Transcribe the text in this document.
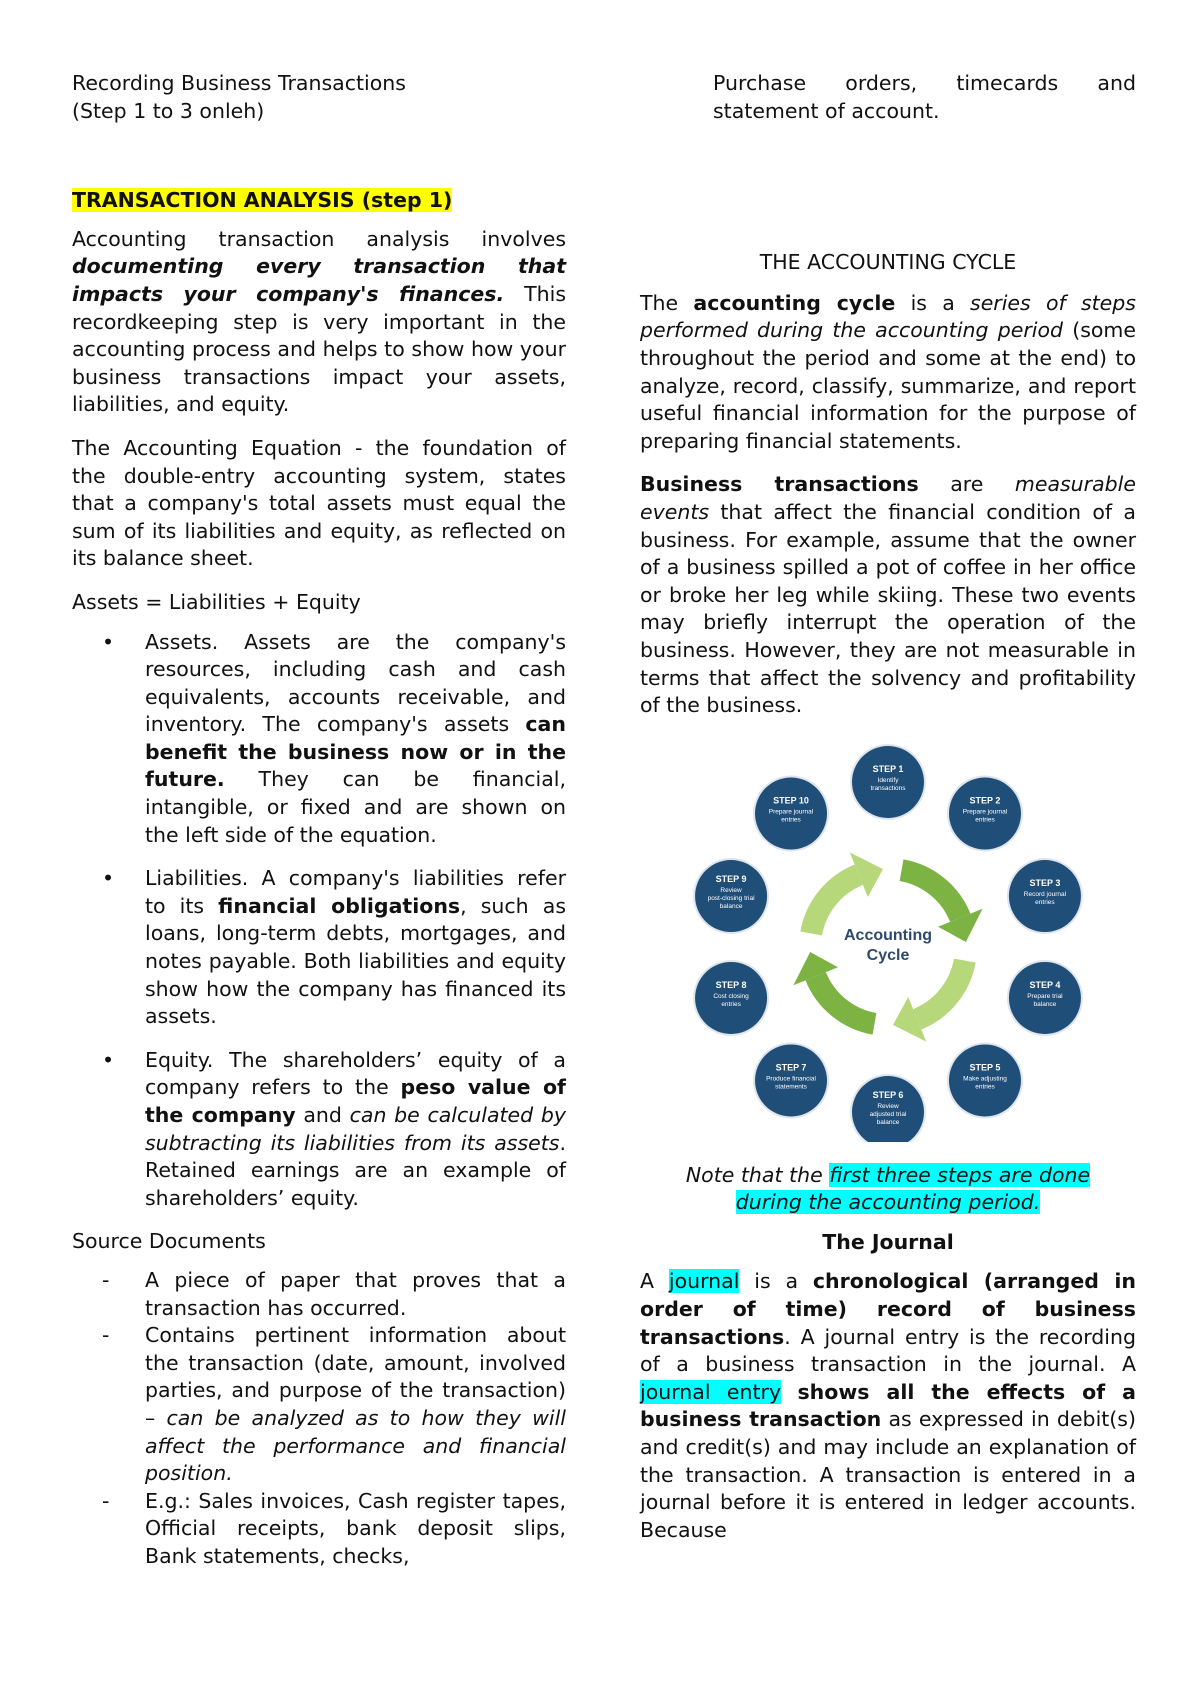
Recording Business Transactions (Step 1 to 3 onleh)

TRANSACTION ANALYSIS (step 1)

Accounting transaction analysis involves documenting every transaction that impacts your company's finances. This recordkeeping step is very important in the accounting process and helps to show how your business transactions impact your assets, liabilities, and equity.

The Accounting Equation - the foundation of the double-entry accounting system, states that a company's total assets must equal the sum of its liabilities and equity, as reflected on its balance sheet.

Assets = Liabilities + Equity

• Assets. Assets are the company's resources, including cash and cash equivalents, accounts receivable, and inventory. The company's assets can benefit the business now or in the future. They can be financial, intangible, or fixed and are shown on the left side of the equation.
• Liabilities. A company's liabilities refer to its financial obligations, such as loans, long-term debts, mortgages, and notes payable. Both liabilities and equity show how the company has financed its assets.
• Equity. The shareholders’ equity of a company refers to the peso value of the company and can be calculated by subtracting its liabilities from its assets. Retained earnings are an example of shareholders’ equity.

Source Documents

- A piece of paper that proves that a transaction has occurred.
- Contains pertinent information about the transaction (date, amount, involved parties, and purpose of the transaction) – can be analyzed as to how they will affect the performance and financial position.
- E.g.: Sales invoices, Cash register tapes, Official receipts, bank deposit slips, Bank statements, checks,

Purchase orders, timecards and statement of account.

THE ACCOUNTING CYCLE

The accounting cycle is a series of steps performed during the accounting period (some throughout the period and some at the end) to analyze, record, classify, summarize, and report useful financial information for the purpose of preparing financial statements.

Business transactions are measurable events that affect the financial condition of a business. For example, assume that the owner of a business spilled a pot of coffee in her office or broke her leg while skiing. These two events may briefly interrupt the operation of the business. However, they are not measurable in terms that affect the solvency and profitability of the business.

Accounting
Cycle
STEP 1
Identify
transactions
STEP 2
Prepare journal
entries
STEP 3
Record journal
entries
STEP 4
Prepare trial
balance
STEP 5
Make adjusting
entries
STEP 6
Review
adjusted trial
balance
STEP 7
Produce financial
statements
STEP 8
Cost closing
entries
STEP 9
Review
post-closing trial
balance
STEP 10
Prepare journal
entries

Note that the first three steps are done during the accounting period.

The Journal

A journal is a chronological (arranged in order of time) record of business transactions. A journal entry is the recording of a business transaction in the journal. A journal entry shows all the effects of a business transaction as expressed in debit(s) and credit(s) and may include an explanation of the transaction. A transaction is entered in a journal before it is entered in ledger accounts. Because
